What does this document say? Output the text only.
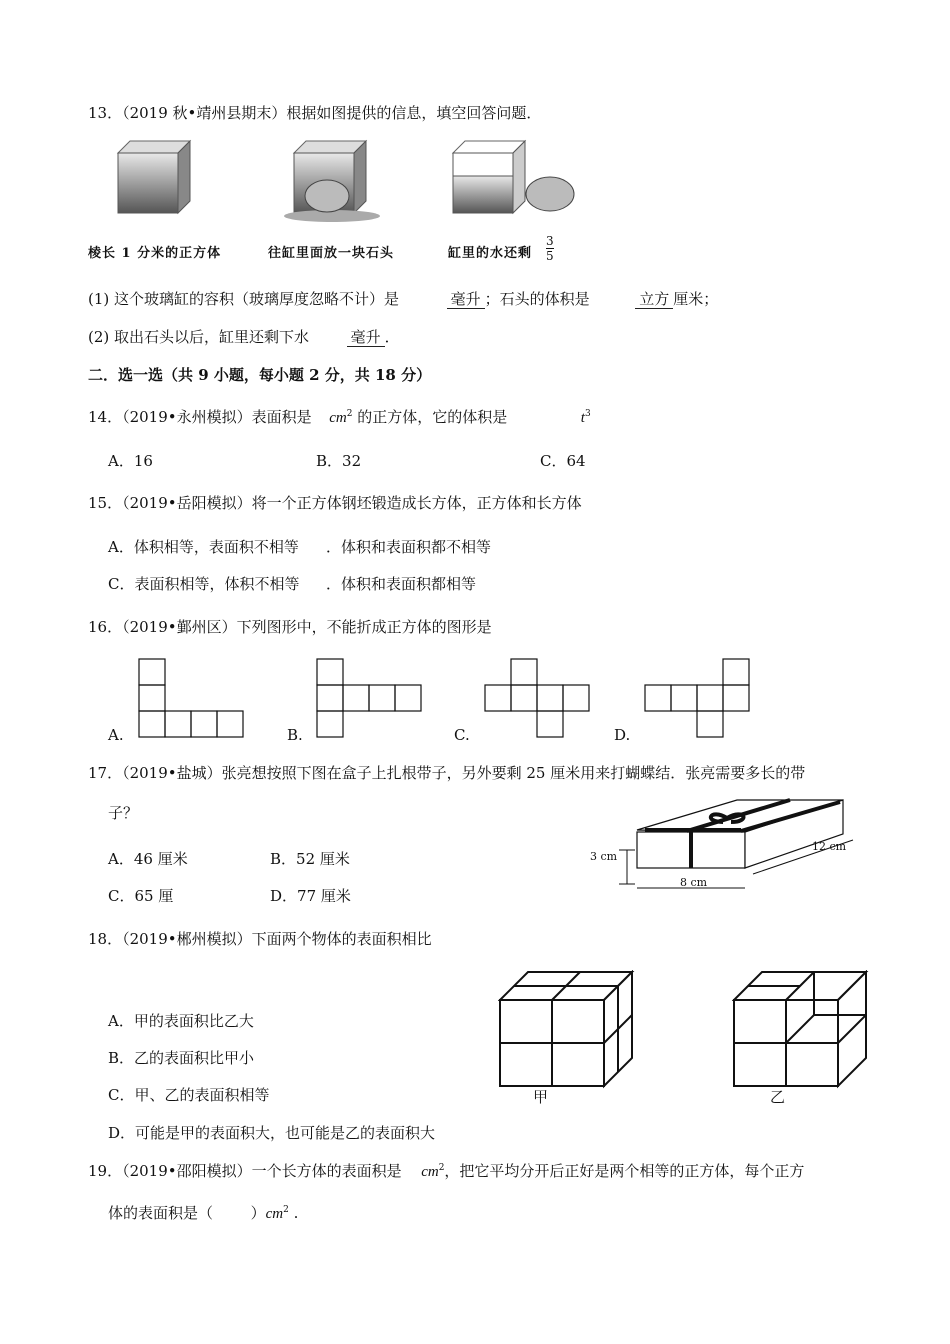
13．（2019 秋•靖州县期末）根据如图提供的信息，填空回答问题．
棱长 1 分米的正方体	往缸里面放一块石头	缸里的水还剩 $\frac{3}{5}$
(1) 这个玻璃缸的容积（玻璃厚度忽略不计）是	毫升 ；石头的体积是	立方 厘米；
(2) 取出石头以后，缸里还剩下水	毫升 ．
二．选一选（共 9 小题，每小题 2 分，共 18 分）
14．（2019•永州模拟）表面积是 $cm^2$ 的正方体，它的体积是	$t^3$
A．16	B．32	C．64
15．（2019•岳阳模拟）将一个正方体钢坯锻造成长方体，正方体和长方体
A．体积相等，表面积不相等 ．体积和表面积都不相等
C．表面积相等，体积不相等 ．体积和表面积都相等
16．（2019•鄞州区）下列图形中，不能折成正方体的图形是
A.	B.	C.	D.
17．（2019•盐城）张亮想按照下图在盒子上扎根带子，另外要剩 25 厘米用来打蝴蝶结．张亮需要多长的带
子？
A．46 厘米	B．52 厘米
C．65 厘	D．77 厘米
3 cm
8 cm
12 cm
18．（2019•郴州模拟）下面两个物体的表面积相比
A．甲的表面积比乙大
B．乙的表面积比甲小
C．甲、乙的表面积相等
D．可能是甲的表面积大，也可能是乙的表面积大
甲	乙
19．（2019•邵阳模拟）一个长方体的表面积是 $cm^2$，把它平均分开后正好是两个相等的正方体，每个正方
体的表面积是（	）$cm^2$ .
